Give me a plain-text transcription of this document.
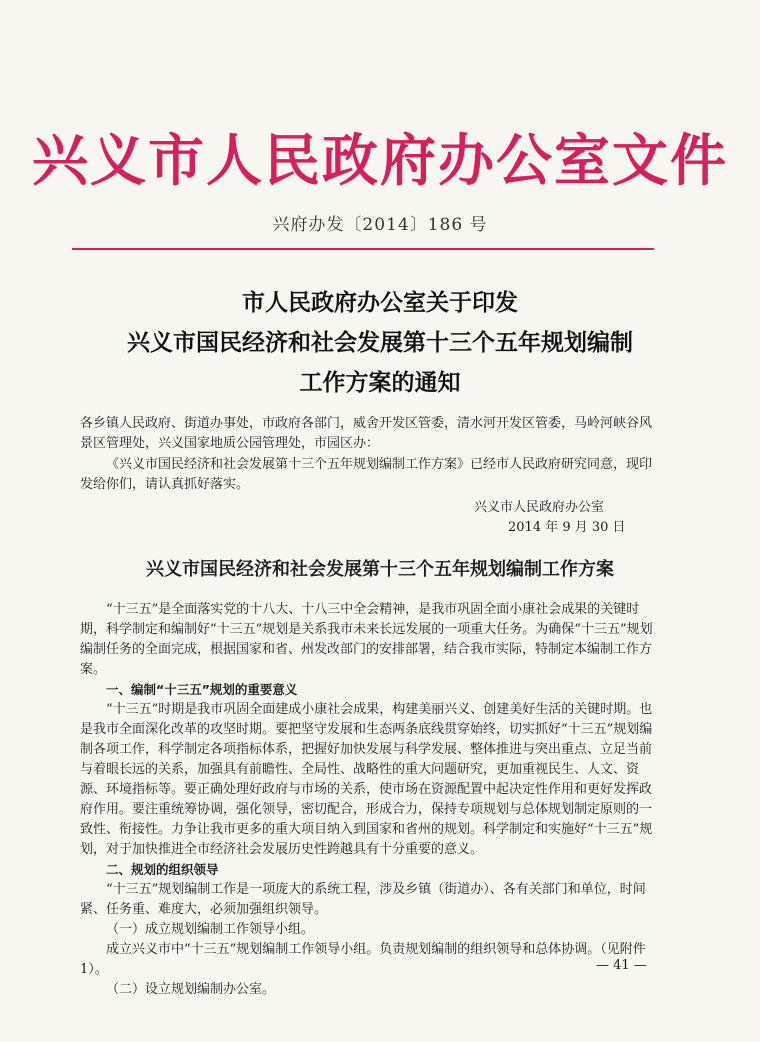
兴义市人民政府办公室文件
兴府办发〔2014〕186 号
市人民政府办公室关于印发
兴义市国民经济和社会发展第十三个五年规划编制
工作方案的通知

各乡镇人民政府、街道办事处，市政府各部门，威舍开发区管委，清水河开发区管委，马岭河峡谷风景区管理处，兴义国家地质公园管理处，市园区办：

《兴义市国民经济和社会发展第十三个五年规划编制工作方案》已经市人民政府研究同意，现印发给你们，请认真抓好落实。

兴义市人民政府办公室
2014 年 9 月 30 日
兴义市国民经济和社会发展第十三个五年规划编制工作方案

“十三五”是全面落实党的十八大、十八三中全会精神，是我市巩固全面小康社会成果的关键时期，科学制定和编制好“十三五”规划是关系我市未来长远发展的一项重大任务。为确保“十三五”规划编制任务的全面完成，根据国家和省、州发改部门的安排部署，结合我市实际，特制定本编制工作方案。

一、编制“十三五”规划的重要意义

“十三五”时期是我市巩固全面建成小康社会成果，构建美丽兴义、创建美好生活的关键时期。也是我市全面深化改革的攻坚时期。要把坚守发展和生态两条底线贯穿始终，切实抓好“十三五”规划编制各项工作，科学制定各项指标体系，把握好加快发展与科学发展、整体推进与突出重点、立足当前与着眼长远的关系，加强具有前瞻性、全局性、战略性的重大问题研究，更加重视民生、人文、资源、环境指标等。要正确处理好政府与市场的关系，使市场在资源配置中起决定性作用和更好发挥政府作用。要注重统筹协调，强化领导，密切配合，形成合力，保持专项规划与总体规划制定原则的一致性、衔接性。力争让我市更多的重大项目纳入到国家和省州的规划。科学制定和实施好“十三五”规划，对于加快推进全市经济社会发展历史性跨越具有十分重要的意义。

二、规划的组织领导

“十三五”规划编制工作是一项庞大的系统工程，涉及乡镇（街道办）、各有关部门和单位，时间紧、任务重、难度大，必须加强组织领导。

（一）成立规划编制工作领导小组。

成立兴义市中“十三五”规划编制工作领导小组。负责规划编制的组织领导和总体协调。（见附件 1）。

（二）设立规划编制办公室。

— 41 —
